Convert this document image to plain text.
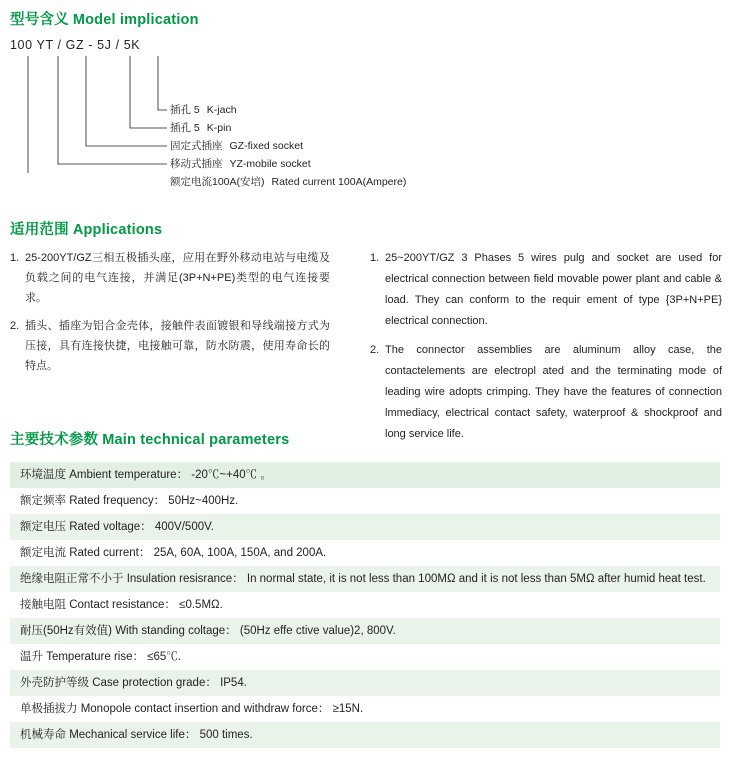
型号含义 Model implication
100 YT / GZ - 5J / 5K
插孔 5 K-jach
插孔 5 K-pin
固定式插座 GZ-fixed socket
移动式插座 YZ-mobile socket
额定电流100A(安培) Rated current 100A(Ampere)
适用范围 Applications
1. 25-200YT/GZ三相五极插头座，应用在野外移动电站与电缆及负载之间的电气连接，并满足(3P+N+PE)类型的电气连接要求。
2. 插头、插座为铝合金壳体，接触件表面镀银和导线端接方式为压接，具有连接快捷，电接触可靠，防水防震，使用寿命长的特点。
1. 25~200YT/GZ 3 Phases 5 wires pulg and socket are used for electrical connection between field movable power plant and cable & load. They can conform to the requir ement of type {3P+N+PE} electrical connection.
2. The connector assemblies are aluminum alloy case, the contactelements are electropl ated and the terminating mode of leading wire adopts crimping. They have the features of connection lmmediacy, electrical contact safety, waterproof & shockproof and long service life.
主要技术参数 Main technical parameters
环境温度 Ambient temperature： -20℃~+40℃ 。
额定频率 Rated frequency： 50Hz~400Hz.
额定电压 Rated voltage： 400V/500V.
额定电流 Rated current： 25A, 60A, 100A, 150A, and 200A.
绝缘电阻正常不小于 Insulation resisrance： In normal state, it is not less than 100MΩ and it is not less than 5MΩ after humid heat test.
接触电阻 Contact resistance： ≤0.5MΩ.
耐压(50Hz有效值) With standing coltage： (50Hz effe ctive value)2, 800V.
温升 Temperature rise： ≤65℃.
外壳防护等级 Case protection grade： IP54.
单极插拔力 Monopole contact insertion and withdraw force： ≥15N.
机械寿命 Mechanical service life： 500 times.
